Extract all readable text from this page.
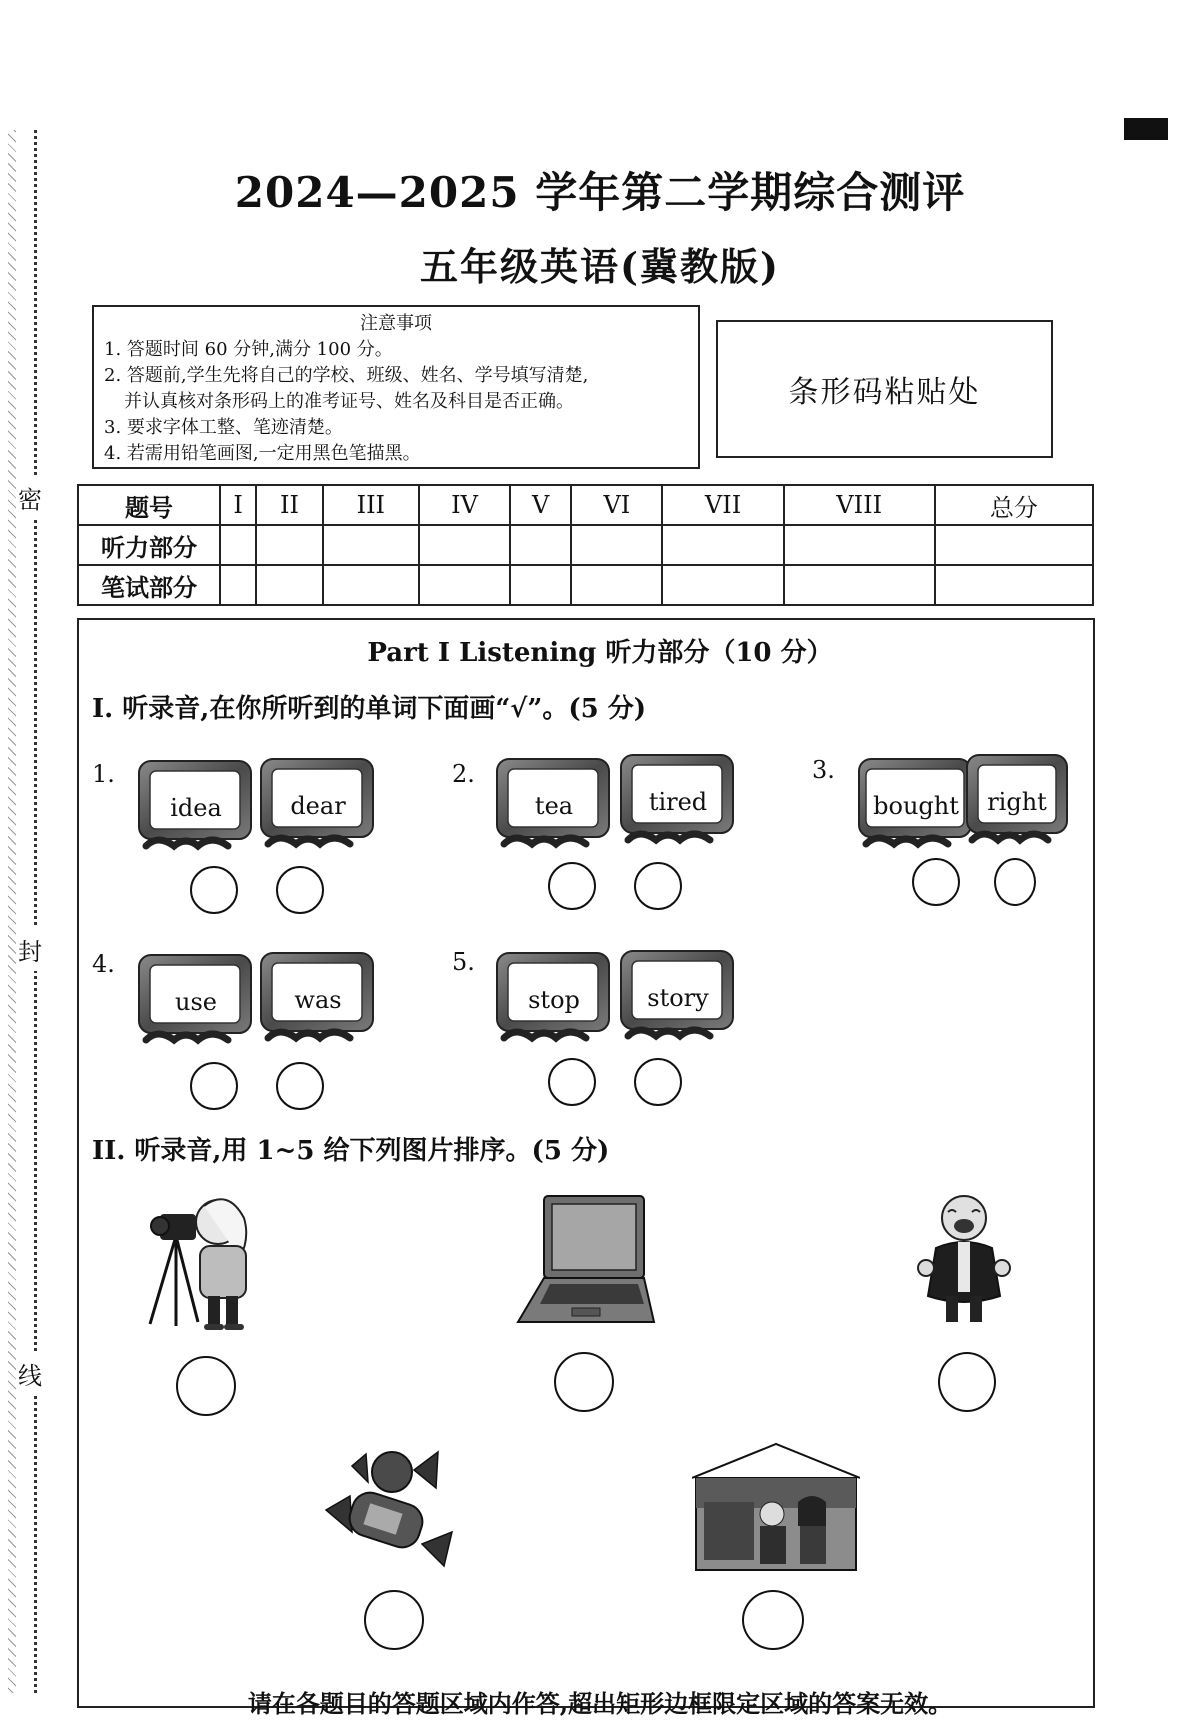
密
封
线
2024—2025 学年第二学期综合测评
五年级英语(冀教版)
注意事项
1. 答题时间 60 分钟,满分 100 分。
2. 答题前,学生先将自己的学校、班级、姓名、学号填写清楚,
并认真核对条形码上的准考证号、姓名及科目是否正确。
3. 要求字体工整、笔迹清楚。
4. 若需用铅笔画图,一定用黑色笔描黑。
条形码粘贴处
题号	I	II	III	IV	V	VI	VII	VIII	总分
听力部分									
笔试部分									
Part I Listening 听力部分（10 分）
I. 听录音,在你所听到的单词下面画“√”。(5 分)
1.
idea	dear
2.
tea	tired
3.
bought	right
4.
use	was
5.
stop	story
II. 听录音,用 1~5 给下列图片排序。(5 分)
请在各题目的答题区域内作答,超出矩形边框限定区域的答案无效。
